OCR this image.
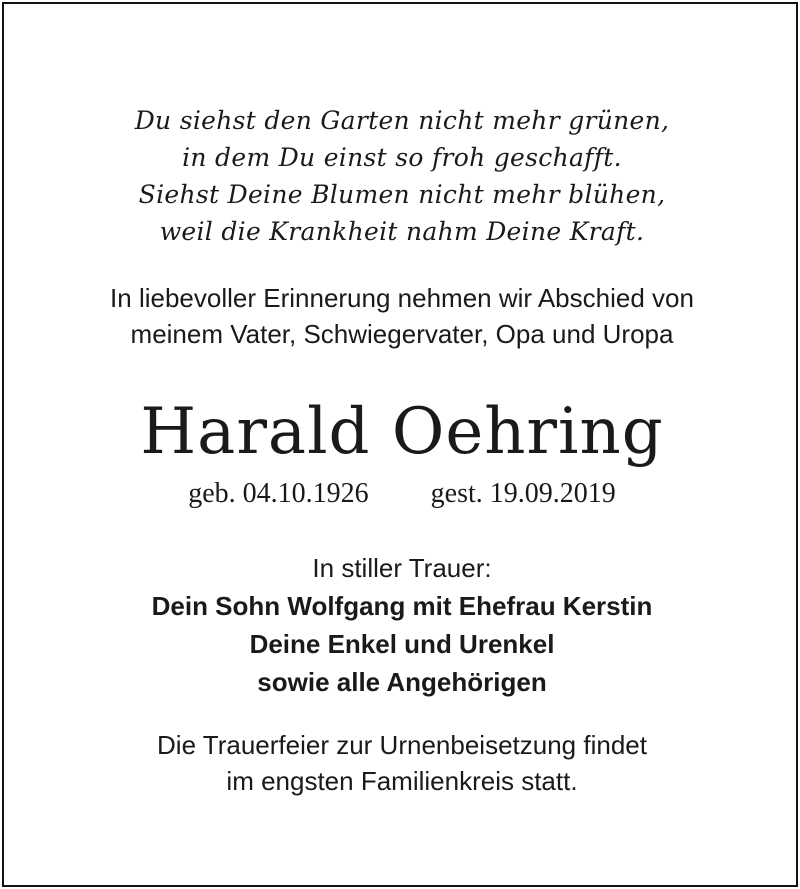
Du siehst den Garten nicht mehr grünen,
in dem Du einst so froh geschafft.
Siehst Deine Blumen nicht mehr blühen,
weil die Krankheit nahm Deine Kraft.
In liebevoller Erinnerung nehmen wir Abschied von
meinem Vater, Schwiegervater, Opa und Uropa
Harald Oehring
geb. 04.10.1926 gest. 19.09.2019
In stiller Trauer:
Dein Sohn Wolfgang mit Ehefrau Kerstin
Deine Enkel und Urenkel
sowie alle Angehörigen
Die Trauerfeier zur Urnenbeisetzung findet
im engsten Familienkreis statt.
